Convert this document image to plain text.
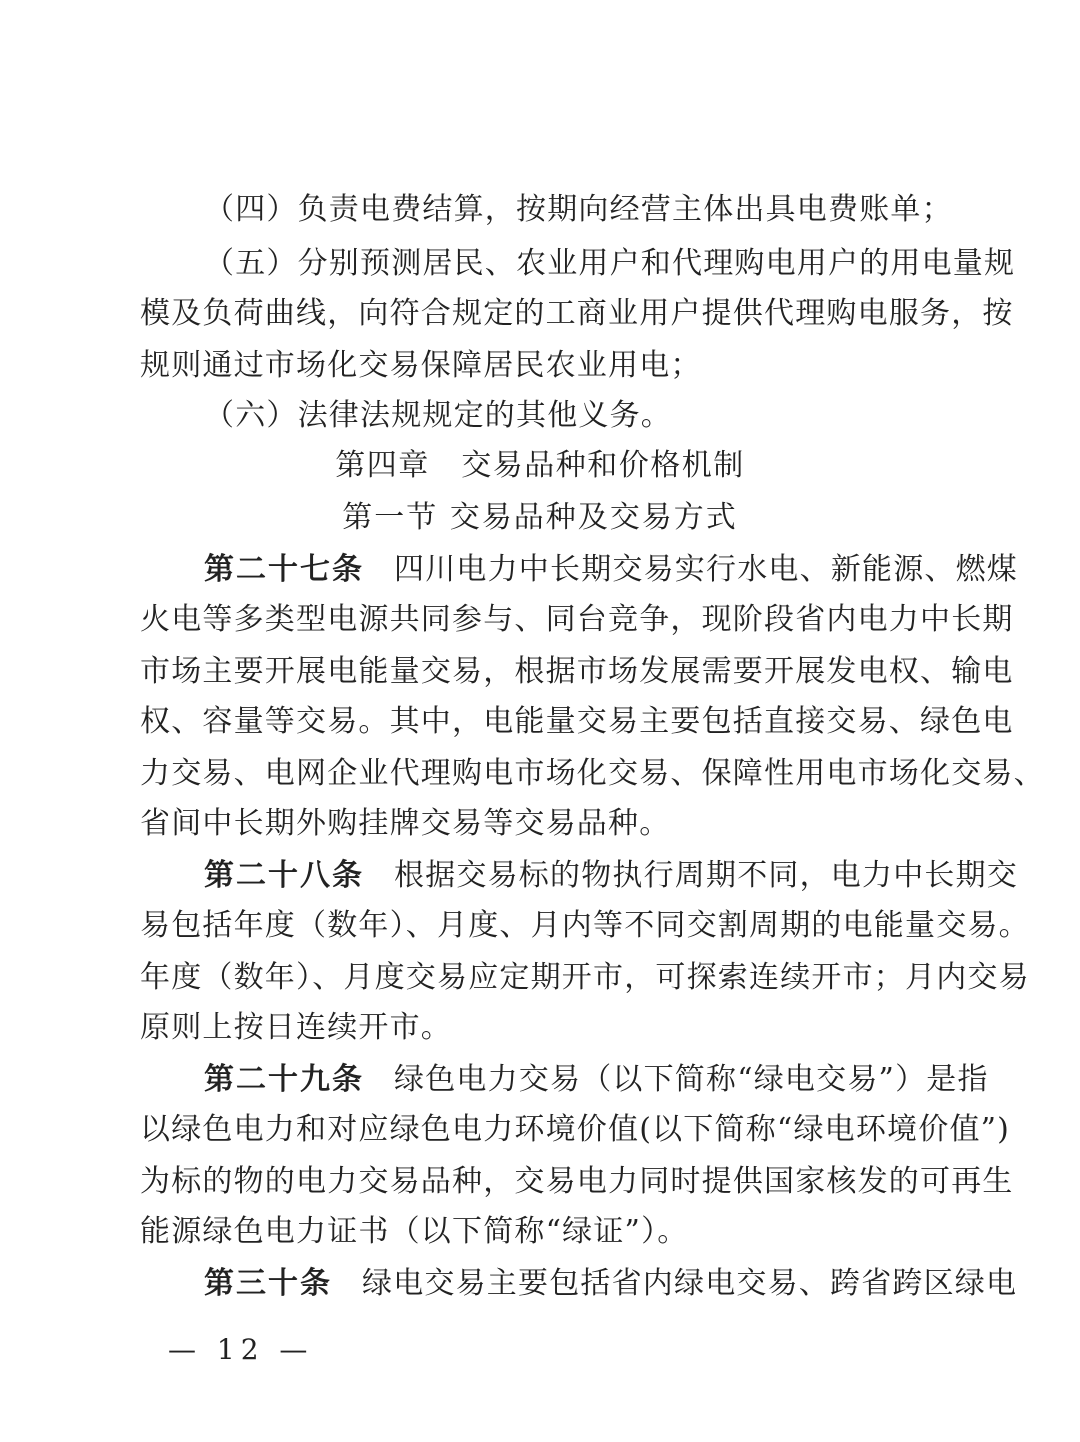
（四）负责电费结算，按期向经营主体出具电费账单；
（五）分别预测居民、农业用户和代理购电用户的用电量规
模及负荷曲线，向符合规定的工商业用户提供代理购电服务，按
规则通过市场化交易保障居民农业用电；
（六）法律法规规定的其他义务。
第四章　交易品种和价格机制
第一节 交易品种及交易方式
第二十七条 四川电力中长期交易实行水电、新能源、燃煤
火电等多类型电源共同参与、同台竞争，现阶段省内电力中长期
市场主要开展电能量交易，根据市场发展需要开展发电权、输电
权、容量等交易。其中，电能量交易主要包括直接交易、绿色电
力交易、电网企业代理购电市场化交易、保障性用电市场化交易、
省间中长期外购挂牌交易等交易品种。
第二十八条 根据交易标的物执行周期不同，电力中长期交
易包括年度（数年）、月度、月内等不同交割周期的电能量交易。
年度（数年）、月度交易应定期开市，可探索连续开市；月内交易
原则上按日连续开市。
第二十九条 绿色电力交易（以下简称“绿电交易”）是指
以绿色电力和对应绿色电力环境价值(以下简称“绿电环境价值”)
为标的物的电力交易品种，交易电力同时提供国家核发的可再生
能源绿色电力证书（以下简称“绿证”）。
第三十条 绿电交易主要包括省内绿电交易、跨省跨区绿电
— 12 —
